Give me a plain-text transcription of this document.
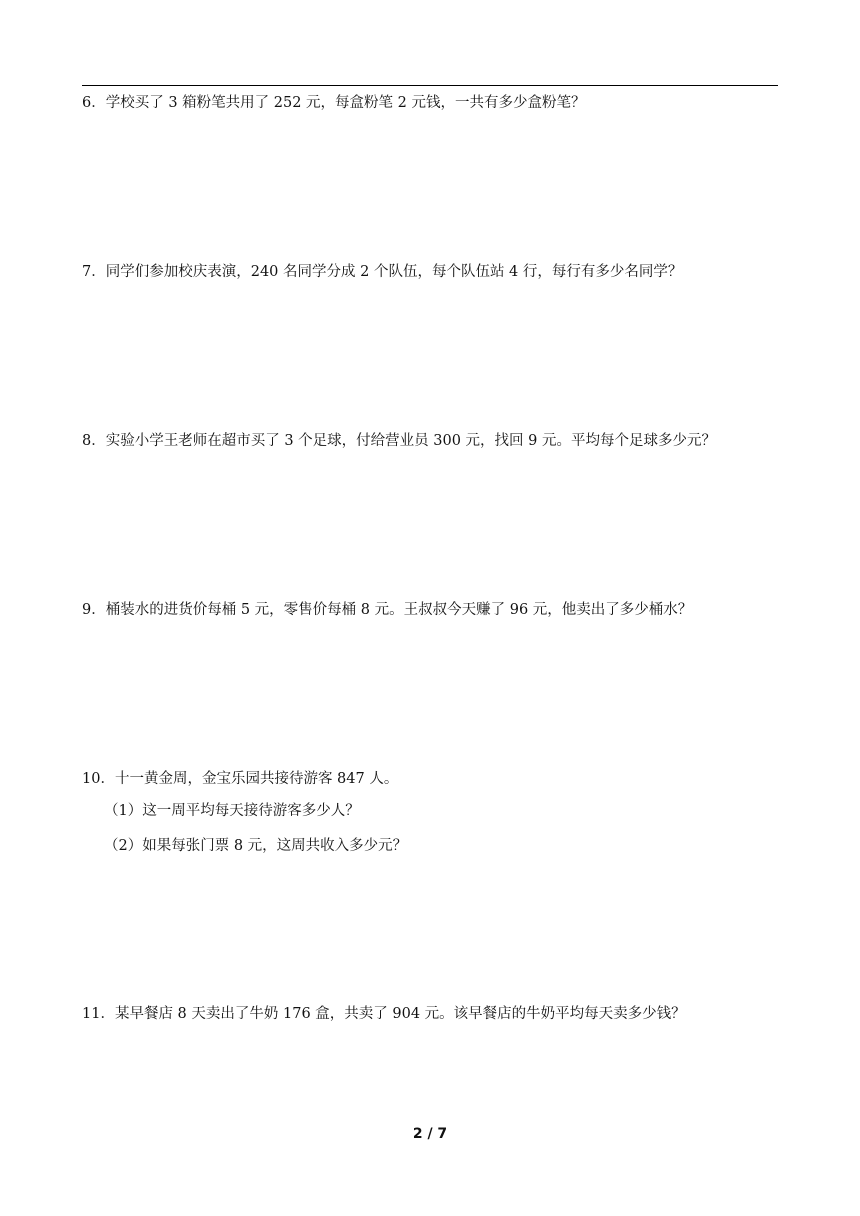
6．学校买了 3 箱粉笔共用了 252 元，每盒粉笔 2 元钱，一共有多少盒粉笔？
7．同学们参加校庆表演，240 名同学分成 2 个队伍，每个队伍站 4 行，每行有多少名同学？
8．实验小学王老师在超市买了 3 个足球，付给营业员 300 元，找回 9 元。平均每个足球多少元？
9．桶装水的进货价每桶 5 元，零售价每桶 8 元。王叔叔今天赚了 96 元，他卖出了多少桶水？
10．十一黄金周，金宝乐园共接待游客 847 人。
（1）这一周平均每天接待游客多少人？
（2）如果每张门票 8 元，这周共收入多少元？
11．某早餐店 8 天卖出了牛奶 176 盒，共卖了 904 元。该早餐店的牛奶平均每天卖多少钱？
2 / 7
